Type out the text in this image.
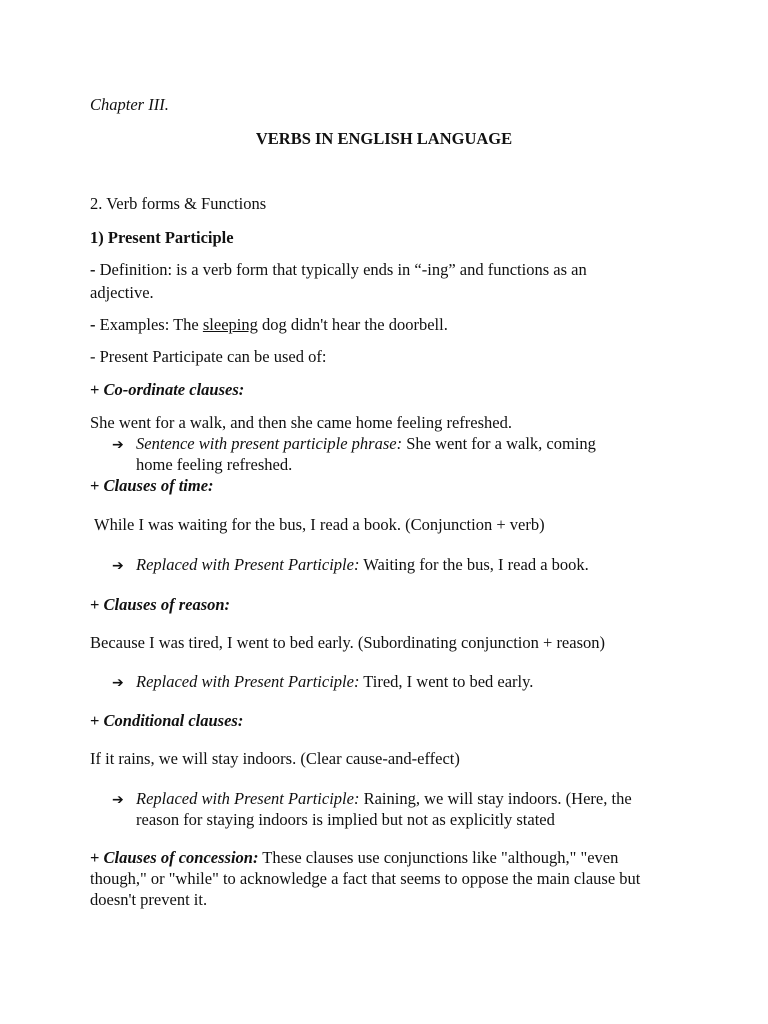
Chapter III.
VERBS IN ENGLISH LANGUAGE
2. Verb forms & Functions
1) Present Participle
- Definition: is a verb form that typically ends in “-ing” and functions as an
adjective.
- Examples: The sleeping dog didn't hear the doorbell.
- Present Participate can be used of:
+ Co-ordinate clauses:
She went for a walk, and then she came home feeling refreshed.
➔ Sentence with present participle phrase: She went for a walk, coming
home feeling refreshed.
+ Clauses of time:
While I was waiting for the bus, I read a book. (Conjunction + verb)
➔ Replaced with Present Participle: Waiting for the bus, I read a book.
+ Clauses of reason:
Because I was tired, I went to bed early. (Subordinating conjunction + reason)
➔ Replaced with Present Participle: Tired, I went to bed early.
+ Conditional clauses:
If it rains, we will stay indoors. (Clear cause-and-effect)
➔ Replaced with Present Participle: Raining, we will stay indoors. (Here, the
reason for staying indoors is implied but not as explicitly stated
+ Clauses of concession: These clauses use conjunctions like "although," "even
though," or "while" to acknowledge a fact that seems to oppose the main clause but
doesn't prevent it.
